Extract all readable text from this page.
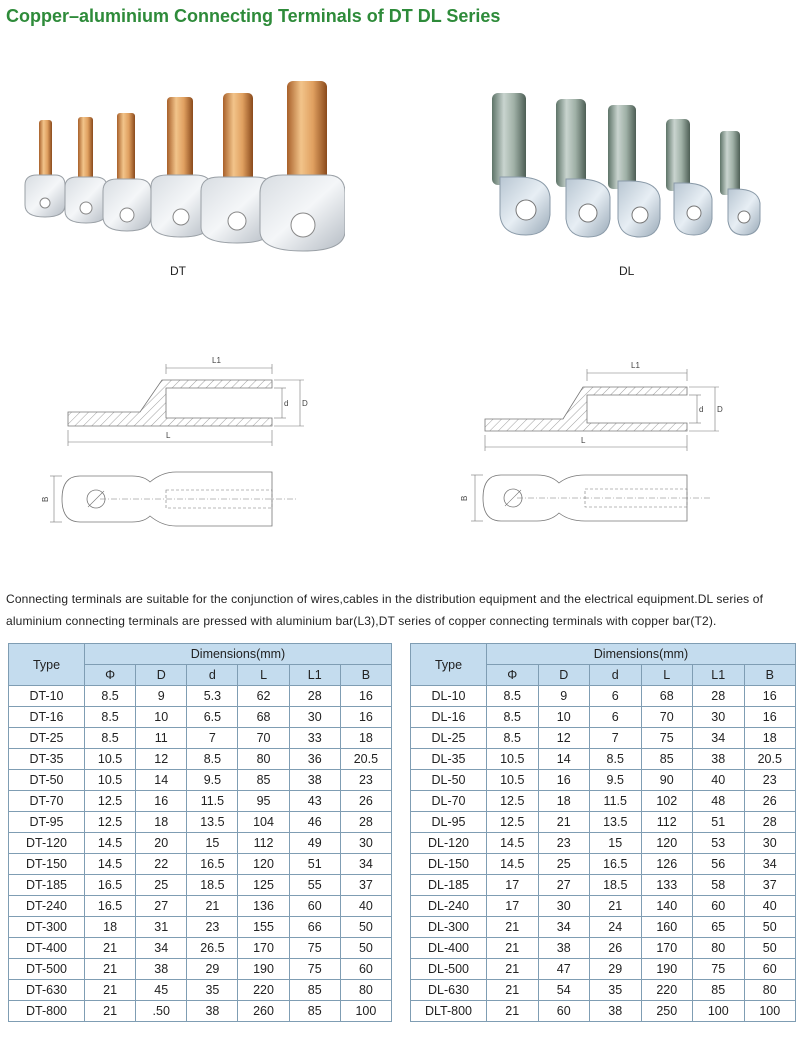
Copper–aluminium Connecting Terminals of DT DL Series
DT	DL
L1
d D
L
B
L1
d D
L
B
Connecting terminals are suitable for the conjunction of wires,cables in the distribution equipment and the electrical equipment.DL series of aluminium connecting terminals are pressed with aluminium bar(L3),DT series of copper connecting terminals with copper bar(T2).
Type	Dimensions(mm)					
	Φ	D	d	L	L1	B
DT-10	8.5	9	5.3	62	28	16
DT-16	8.5	10	6.5	68	30	16
DT-25	8.5	11	7	70	33	18
DT-35	10.5	12	8.5	80	36	20.5
DT-50	10.5	14	9.5	85	38	23
DT-70	12.5	16	11.5	95	43	26
DT-95	12.5	18	13.5	104	46	28
DT-120	14.5	20	15	112	49	30
DT-150	14.5	22	16.5	120	51	34
DT-185	16.5	25	18.5	125	55	37
DT-240	16.5	27	21	136	60	40
DT-300	18	31	23	155	66	50
DT-400	21	34	26.5	170	75	50
DT-500	21	38	29	190	75	60
DT-630	21	45	35	220	85	80
DT-800	21	.50	38	260	85	100
Type	Dimensions(mm)					
	Φ	D	d	L	L1	B
DL-10	8.5	9	6	68	28	16
DL-16	8.5	10	6	70	30	16
DL-25	8.5	12	7	75	34	18
DL-35	10.5	14	8.5	85	38	20.5
DL-50	10.5	16	9.5	90	40	23
DL-70	12.5	18	11.5	102	48	26
DL-95	12.5	21	13.5	112	51	28
DL-120	14.5	23	15	120	53	30
DL-150	14.5	25	16.5	126	56	34
DL-185	17	27	18.5	133	58	37
DL-240	17	30	21	140	60	40
DL-300	21	34	24	160	65	50
DL-400	21	38	26	170	80	50
DL-500	21	47	29	190	75	60
DL-630	21	54	35	220	85	80
DLT-800	21	60	38	250	100	100
